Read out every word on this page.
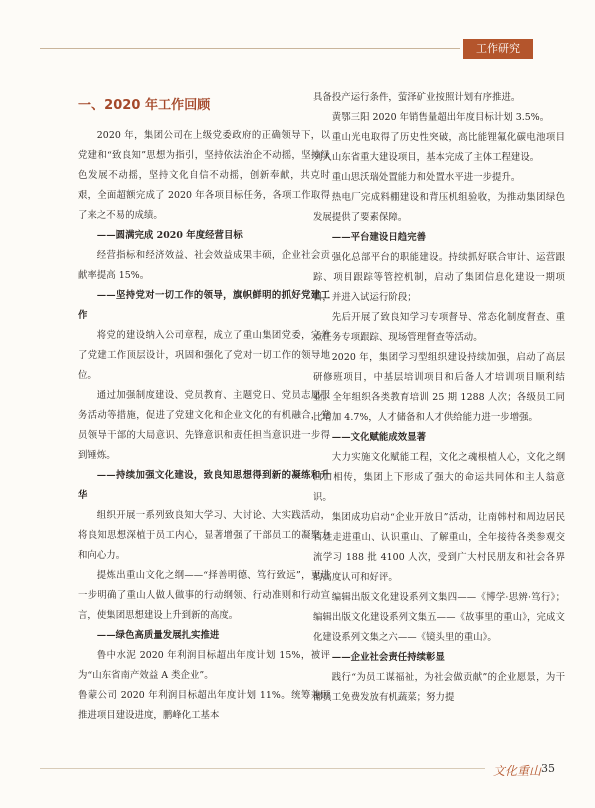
工作研究
一、2020 年工作回顾

2020 年，集团公司在上级党委政府的正确领导下，以党建和“致良知”思想为指引，坚持依法治企不动摇，坚持绿色发展不动摇，坚持文化自信不动摇，创新奉献，共克时艰，全面超额完成了 2020 年各项目标任务，各项工作取得了来之不易的成绩。

——圆满完成 2020 年度经营目标

经营指标和经济效益、社会效益成果丰硕，企业社会贡献率提高 15%。

——坚持党对一切工作的领导，旗帜鲜明的抓好党建工作

将党的建设纳入公司章程，成立了重山集团党委，完善了党建工作顶层设计，巩固和强化了党对一切工作的领导地位。

通过加强制度建设、党员教育、主题党日、党员志愿服务活动等措施，促进了党建文化和企业文化的有机融合，党员领导干部的大局意识、先锋意识和责任担当意识进一步得到锤炼。

——持续加强文化建设，致良知思想得到新的凝练和升华

组织开展一系列致良知大学习、大讨论、大实践活动，将良知思想深植于员工内心，显著增强了干部员工的凝聚力和向心力。

提炼出重山文化之纲——“择善明德、笃行致远”，更进一步明确了重山人做人做事的行动纲领、行动准则和行动宣言，使集团思想建设上升到新的高度。

——绿色高质量发展扎实推进

鲁中水泥 2020 年利润目标超出年度计划 15%，被评为“山东省南产效益 A 类企业”。

鲁蒙公司 2020 年利润目标超出年度计划 11%。统筹兼顾推进项目建设进度，鹏峰化工基本

具备投产运行条件，萤泽矿业按照计划有序推进。

黄鄂三阳 2020 年销售量超出年度目标计划 3.5%。

重山光电取得了历史性突破，高比能锂氟化碳电池项目列入山东省重大建设项目，基本完成了主体工程建设。

重山思沃瑞处置能力和处置水平进一步提升。

热电厂完成料棚建设和背压机组验收，为推动集团绿色发展提供了要素保障。

——平台建设日趋完善

强化总部平台的职能建设。持续抓好联合审计、运营跟踪、项目跟踪等管控机制，启动了集团信息化建设一期项目，并进入试运行阶段；

先后开展了致良知学习专项督导、常态化制度督查、重点任务专项跟踪、现场管理督查等活动。

2020 年，集团学习型组织建设持续加强，启动了高层研修班项目，中基层培训项目和后备人才培训项目顺利结业。全年组织各类教育培训 25 期 1288 人次；各级员工同比增加 4.7%，人才储备和人才供给能力进一步增强。

——文化赋能成效显著

大力实施文化赋能工程，文化之魂根植人心，文化之纲口口相传，集团上下形成了强大的命运共同体和主人翁意识。

集团成功启动“企业开放日”活动，让南韩村和周边居民百姓走进重山、认识重山、了解重山，全年接待各类参观交流学习 188 批 4100 人次，受到广大村民朋友和社会各界的高度认可和好评。

编辑出版文化建设系列文集四——《博学·思辨·笃行》；编辑出版文化建设系列文集五——《故事里的重山》，完成文化建设系列文集之六——《镜头里的重山》。

——企业社会责任持续彰显

践行“为员工谋福祉，为社会做贡献”的企业愿景，为干部员工免费发放有机蔬菜；努力提

文化重山 35
